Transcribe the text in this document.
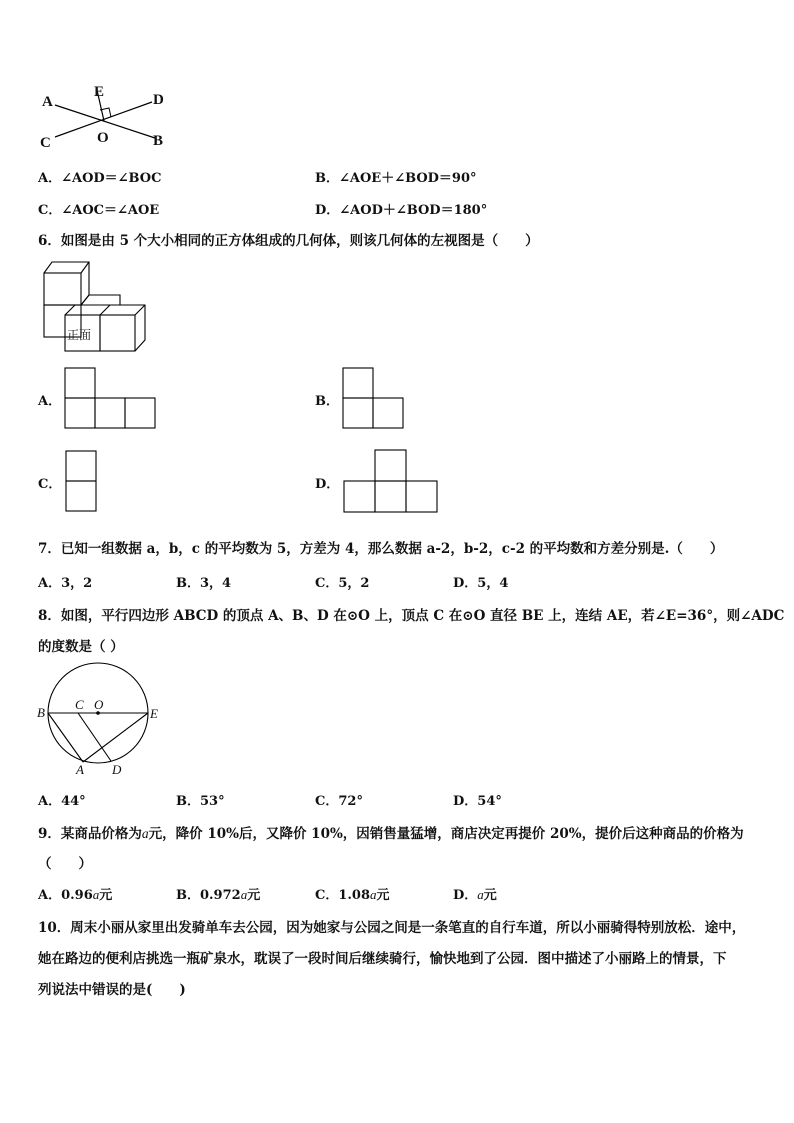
A
E	D
C	O	B
A．∠AOD＝∠BOC	B．∠AOE＋∠BOD＝90°
C．∠AOC＝∠AOE	D．∠AOD＋∠BOD＝180°
6．如图是由 5 个大小相同的正方体组成的几何体，则该几何体的左视图是（　　）
正面
A．	B．
C．	D．
7．已知一组数据 a，b，c 的平均数为 5，方差为 4，那么数据 a-2，b-2，c-2 的平均数和方差分别是.（　　）
A．3，2	B．3，4	C．5，2	D．5，4
8．如图，平行四边形 ABCD 的顶点 A、B、D 在⊙O 上，顶点 C 在⊙O 直径 BE 上，连结 AE，若∠E=36°，则∠ADC
的度数是（ ）
B
C O
E
A D
A．44°	B．53°	C．72°	D．54°
9．某商品价格为a元，降价 10%后，又降价 10%，因销售量猛增，商店决定再提价 20%，提价后这种商品的价格为
（　　）
A．0.96a元	B．0.972a元	C．1.08a元	D．a元
10．周末小丽从家里出发骑单车去公园，因为她家与公园之间是一条笔直的自行车道，所以小丽骑得特别放松．途中，
她在路边的便利店挑选一瓶矿泉水，耽误了一段时间后继续骑行，愉快地到了公园．图中描述了小丽路上的情景，下
列说法中错误的是(　　)
